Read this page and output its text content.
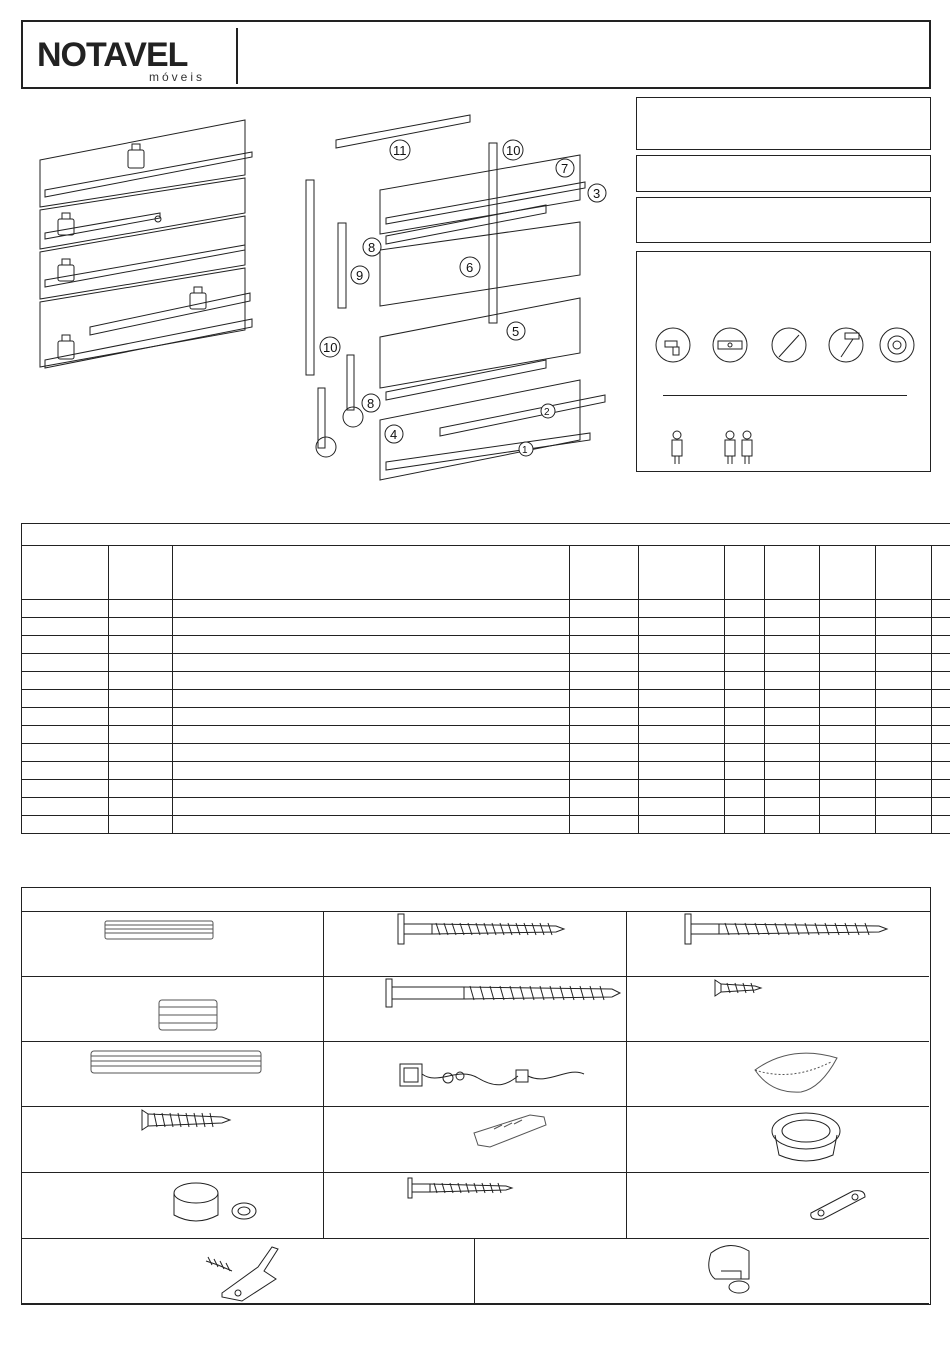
NOTAVEL
móveis
11	10
7
3
8
6
9
5
10
8
2
4
1
